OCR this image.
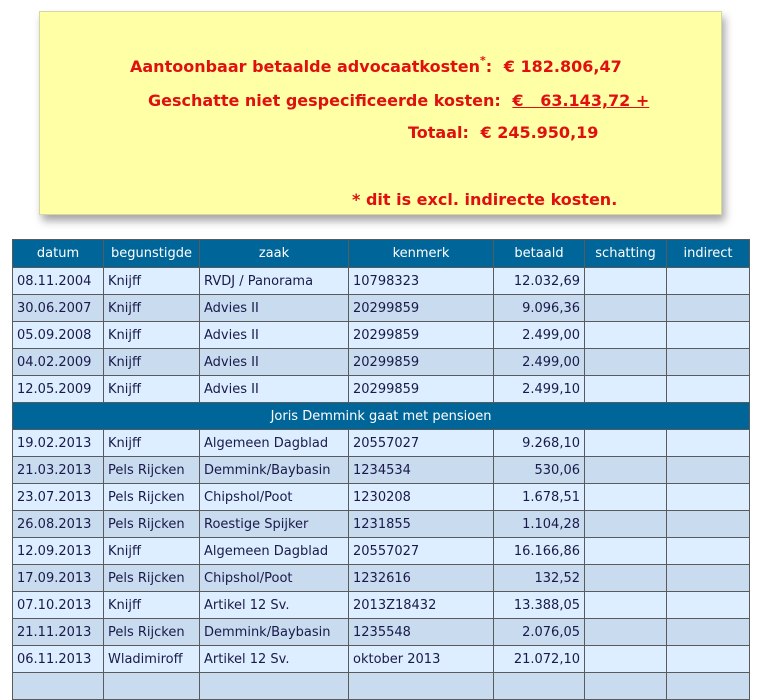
Aantoonbaar betaalde advocaatkosten*: € 182.806,47
Geschatte niet gespecificeerde kosten: €   63.143,72 +
Totaal: € 245.950,19
* dit is excl. indirecte kosten.
datum	begunstigde	zaak	kenmerk	betaald	schatting	indirect
08.11.2004	Knijff	RVDJ / Panorama	10798323	12.032,69		
30.06.2007	Knijff	Advies II	20299859	9.096,36		
05.09.2008	Knijff	Advies II	20299859	2.499,00		
04.02.2009	Knijff	Advies II	20299859	2.499,00		
12.05.2009	Knijff	Advies II	20299859	2.499,10		
Joris Demmink gaat met pensioen						
19.02.2013	Knijff	Algemeen Dagblad	20557027	9.268,10		
21.03.2013	Pels Rijcken	Demmink/Baybasin	1234534	530,06		
23.07.2013	Pels Rijcken	Chipshol/Poot	1230208	1.678,51		
26.08.2013	Pels Rijcken	Roestige Spijker	1231855	1.104,28		
12.09.2013	Knijff	Algemeen Dagblad	20557027	16.166,86		
17.09.2013	Pels Rijcken	Chipshol/Poot	1232616	132,52		
07.10.2013	Knijff	Artikel 12 Sv.	2013Z18432	13.388,05		
21.11.2013	Pels Rijcken	Demmink/Baybasin	1235548	2.076,05		
06.11.2013	Wladimiroff	Artikel 12 Sv.	oktober 2013	21.072,10		
